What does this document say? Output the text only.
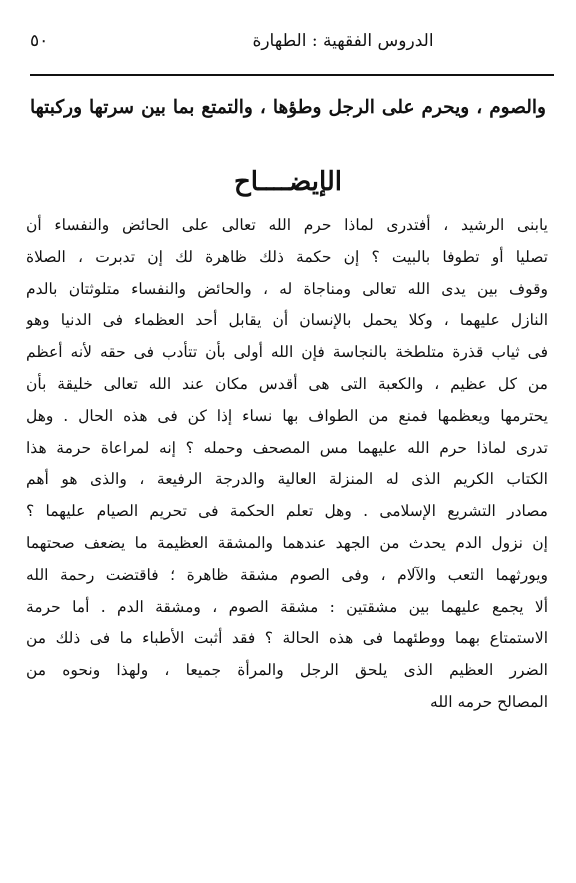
٥٠	الدروس الفقهية : الطهارة
والصوم ، ويحرم على الرجل وطؤها ، والتمتع بما بين سرتها وركبتها
الإيضــــاح
يابنى الرشيد ، أفتدرى لماذا حرم الله تعالى على الحائض والنفساء أن
تصليا أو تطوفا بالبيت ؟ إن حكمة ذلك ظاهرة لك إن تدبرت ، الصلاة
وقوف بين يدى الله تعالى ومناجاة له ، والحائض والنفساء متلوثتان بالدم
النازل عليهما ، وكلا يحمل بالإنسان أن يقابل أحد العظماء فى الدنيا وهو
فى ثياب قذرة متلطخة بالنجاسة فإن الله أولى بأن تتأدب فى حقه لأنه أعظم
من كل عظيم ، والكعبة التى هى أقدس مكان عند الله تعالى خليقة بأن
يحترمها ويعظمها فمنع من الطواف بها نساء إذا كن فى هذه الحال . وهل
تدرى لماذا حرم الله عليهما مس المصحف وحمله ؟ إنه لمراعاة حرمة هذا
الكتاب الكريم الذى له المنزلة العالية والدرجة الرفيعة ، والذى هو أهم
مصادر التشريع الإسلامى . وهل تعلم الحكمة فى تحريم الصيام عليهما ؟
إن نزول الدم يحدث من الجهد عندهما والمشقة العظيمة ما يضعف صحتهما
ويورثهما التعب والآلام ، وفى الصوم مشقة ظاهرة ؛ فاقتضت رحمة الله
ألا يجمع عليهما بين مشقتين : مشقة الصوم ، ومشقة الدم . أما حرمة
الاستمتاع بهما ووطئهما فى هذه الحالة ؟ فقد أثبت الأطباء ما فى ذلك من
الضرر العظيم الذى يلحق الرجل والمرأة جميعا ، ولهذا ونحوه من
المصالح حرمه الله
